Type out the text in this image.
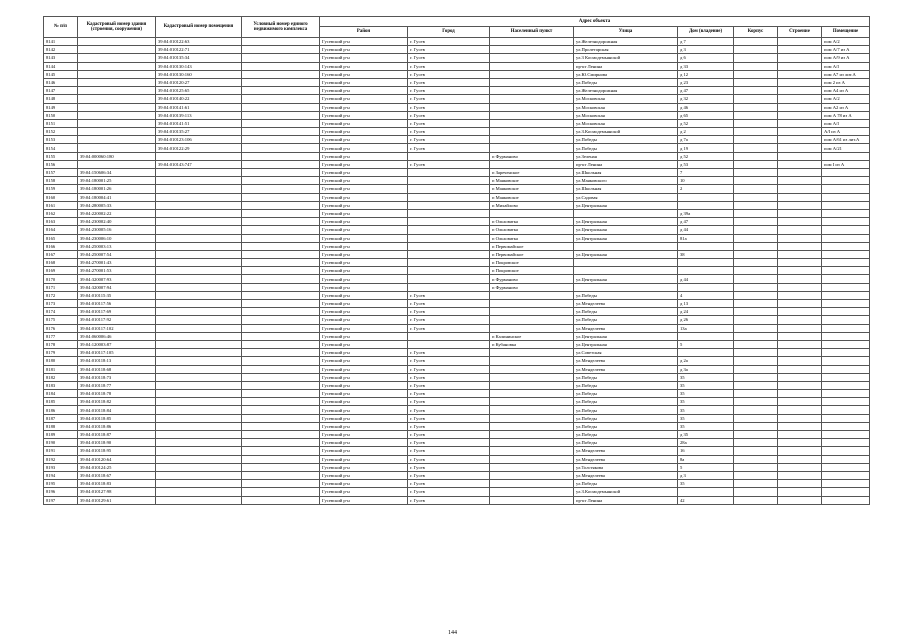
№ п/п	Кадастровый номер здания (строения, сооружения)	Кадастровый номер помещения	Условный номер единого недвижимого комплекса	Адрес объекта							
				Район	Город	Населенный пункт	Улица	Дом (владение)	Корпус	Строение	Помещение
8141		39:04:010122:63		Гусевский р-н	г. Гусев		ул.Железнодорожная	д 7			пом А/2
8142		39:04:010122:71		Гусевский р-н	г. Гусев		ул.Пролетарская	д 3			пом А/7 из А
8143		39:04:010135:34		Гусевский р-н	г. Гусев		ул.3 Космодемьянской	д 6			пом А/9 из А
8144		39:04:010130:143		Гусевский р-н	г. Гусев		пр-кт Ленина	д 33			пом А/I
8145		39:04:010130:160		Гусевский р-н	г. Гусев		ул.Ю.Смирнова	д 12			пом А7 из лит.А
8146		39:04:010120:27		Гусевский р-н	г. Гусев		ул.Победы	д 23			пом 2 из А
8147		39:04:010125:65		Гусевский р-н	г. Гусев		ул.Железнодорожная	д 47			пом А4 из А
8148		39:04:010140:22		Гусевский р-н	г. Гусев		ул.Московская	д 32			пом А/2
8149		39:04:010141:61		Гусевский р-н	г. Гусев		ул.Московская	д 46			пом А2 из А
8150		39:04:010139:113		Гусевский р-н	г. Гусев		ул.Московская	д 65			пом А 78 из А
8151		39:04:010141:51		Гусевский р-н	г. Гусев		ул.Московская	д 52			пом А/I
8152		39:04:010135:27		Гусевский р-н	г. Гусев		ул.З.Космодемьянской	д 2			А/I из А
8153		39:04:010123:106		Гусевский р-н	г. Гусев		ул.Победы	д 7а			пом А/61 из лит.А
8154		39:04:010122:29		Гусевский р-н	г. Гусев		ул.Победы	д 19			пом А/21
8155	39:04:000060:180			Гусевский р-н		п Фурманово	ул.Зеленая	д 52			
8156		39:04:010143:747		Гусевский р-н	г. Гусев		пр-кт Ленина	д 53			пом I из А
8157	39:04:150606:34			Гусевский р-н		п Зареченское	ул.Школьная	7			
8158	39:04:180001:25			Гусевский р-н		п Маяковское	ул.Маяковского	10			
8159	39:04:180001:26			Гусевский р-н		п Маяковское	ул.Школьная	2			
8160	39:04:180004:41			Гусевский р-н		п Маяковское	ул.Садовая				
8161	39:04:280005:33			Гусевский р-н		п Михайлово	ул.Центральная				
8162	39:04:220002:22			Гусевский р-н				д 39а			
8163	39:04:230002:40			Гусевский р-н		п Ольховатка	ул.Центральная	д 47			
8164	39:04:230005:16			Гусевский р-н		п Ольховатка	ул.Центральная	д 44			
8165	39:04:230006:10			Гусевский р-н		п Ольховатка	ул.Центральная	81а			
8166	39:04:250003:13			Гусевский р-н		п Первомайское					
8167	39:04:250007:54			Гусевский р-н		п Первомайское	ул.Центральная	38			
8168	39:04:270001:43			Гусевский р-н		п Покровское					
8169	39:04:270001:53			Гусевский р-н		п Покровское					
8170	39:04:320007:93			Гусевский р-н		п Фурманово	ул.Центральная	д 44			
8171	39:04:320007:94			Гусевский р-н		п Фурманово					
8172	39:04:010115:35			Гусевский р-н	г. Гусев		ул.Победы	4			
8173	39:04:010117:56			Гусевский р-н	г. Гусев		ул.Менделеева	д 13			
8174	39:04:010117:69			Гусевский р-н	г. Гусев		ул.Победы	д 24			
8175	39:04:010117:92			Гусевский р-н	г. Гусев		ул.Победы	д 26			
8176	39:04:010117:102			Гусевский р-н	г. Гусев		ул.Менделеева	13а			
8177	39:04:060006:46			Гусевский р-н		п Калининское	ул.Центральная				
8178	39:04:120003:87			Гусевский р-н		п Кубановка	ул.Центральная	5			
8179	39:04:010117:105			Гусевский р-н	г. Гусев		ул.Советская				
8180	39:04:010118:13			Гусевский р-н	г. Гусев		ул.Менделеева	д 2а			
8181	39:04:010118:68			Гусевский р-н	г. Гусев		ул.Менделеева	д 3а			
8182	39:04:010118:73			Гусевский р-н	г. Гусев		ул.Победы	35			
8183	39:04:010118:77			Гусевский р-н	г. Гусев		ул.Победы	35			
8184	39:04:010118:78			Гусевский р-н	г. Гусев		ул.Победы	35			
8185	39:04:010118:82			Гусевский р-н	г. Гусев		ул.Победы	35			
8186	39:04:010118:84			Гусевский р-н	г. Гусев		ул.Победы	35			
8187	39:04:010118:85			Гусевский р-н	г. Гусев		ул.Победы	35			
8188	39:04:010118:86			Гусевский р-н	г. Гусев		ул.Победы	35			
8189	39:04:010118:87			Гусевский р-н	г. Гусев		ул.Победы	д 35			
8190	39:04:010118:90			Гусевский р-н	г. Гусев		ул.Победы	28а			
8191	39:04:010118:95			Гусевский р-н	г. Гусев		ул.Менделеева	16			
8192	39:04:010120:64			Гусевский р-н	г. Гусев		ул.Менделеева	8а			
8193	39:04:010124:25			Гусевский р-н	г. Гусев		ул.Толстякова	5			
8194	39:04:010118:67			Гусевский р-н	г. Гусев		ул.Менделеева	д 3			
8195	39:04:010118:83			Гусевский р-н	г. Гусев		ул.Победы	35			
8196	39:04:010127:98			Гусевский р-н	г. Гусев		ул.З.Космодемьянской				
8197	39:04:010129:61			Гусевский р-н	г. Гусев		пр-кт Ленина	42			
144
